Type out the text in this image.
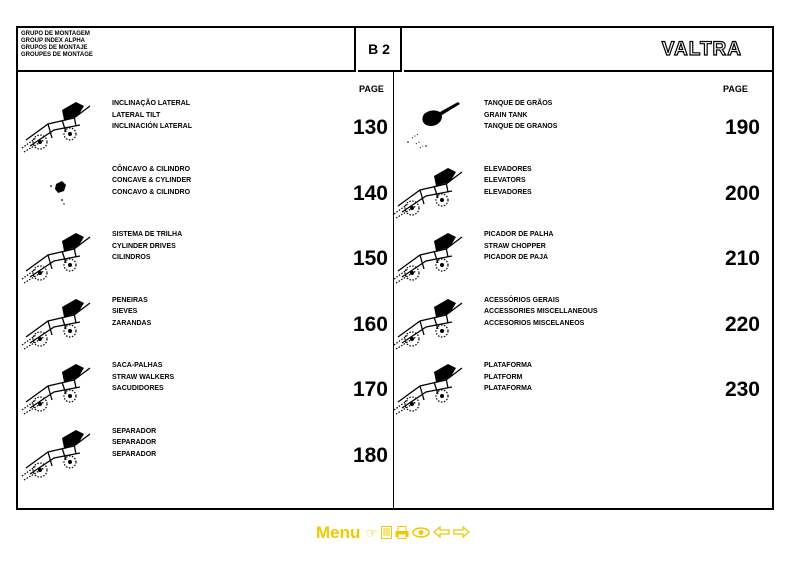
GRUPO DE MONTAGEM
GROUP INDEX ALPHA
GRUPOS DE MONTAJE
GROUPES DE MONTAGE	B 2	VALTRA
PAGE	PAGE
INCLINAÇÃO LATERAL
LATERAL TILT
INCLINACIÓN LATERAL	130
CÔNCAVO & CILINDRO
CONCAVE & CYLINDER
CONCAVO & CILINDRO	140
SISTEMA DE TRILHA
CYLINDER DRIVES
CILINDROS	150
PENEIRAS
SIEVES
ZARANDAS	160
SACA-PALHAS
STRAW WALKERS
SACUDIDORES	170
SEPARADOR
SEPARADOR
SEPARADOR	180
TANQUE DE GRÃOS
GRAIN TANK
TANQUE DE GRANOS	190
ELEVADORES
ELEVATORS
ELEVADORES	200
PICADOR DE PALHA
STRAW CHOPPER
PICADOR DE PAJA	210
ACESSÓRIOS GERAIS
ACCESSORIES MISCELLANEOUS
ACCESORIOS MISCELANEOS	220
PLATAFORMA
PLATFORM
PLATAFORMA	230
Menu ☞
